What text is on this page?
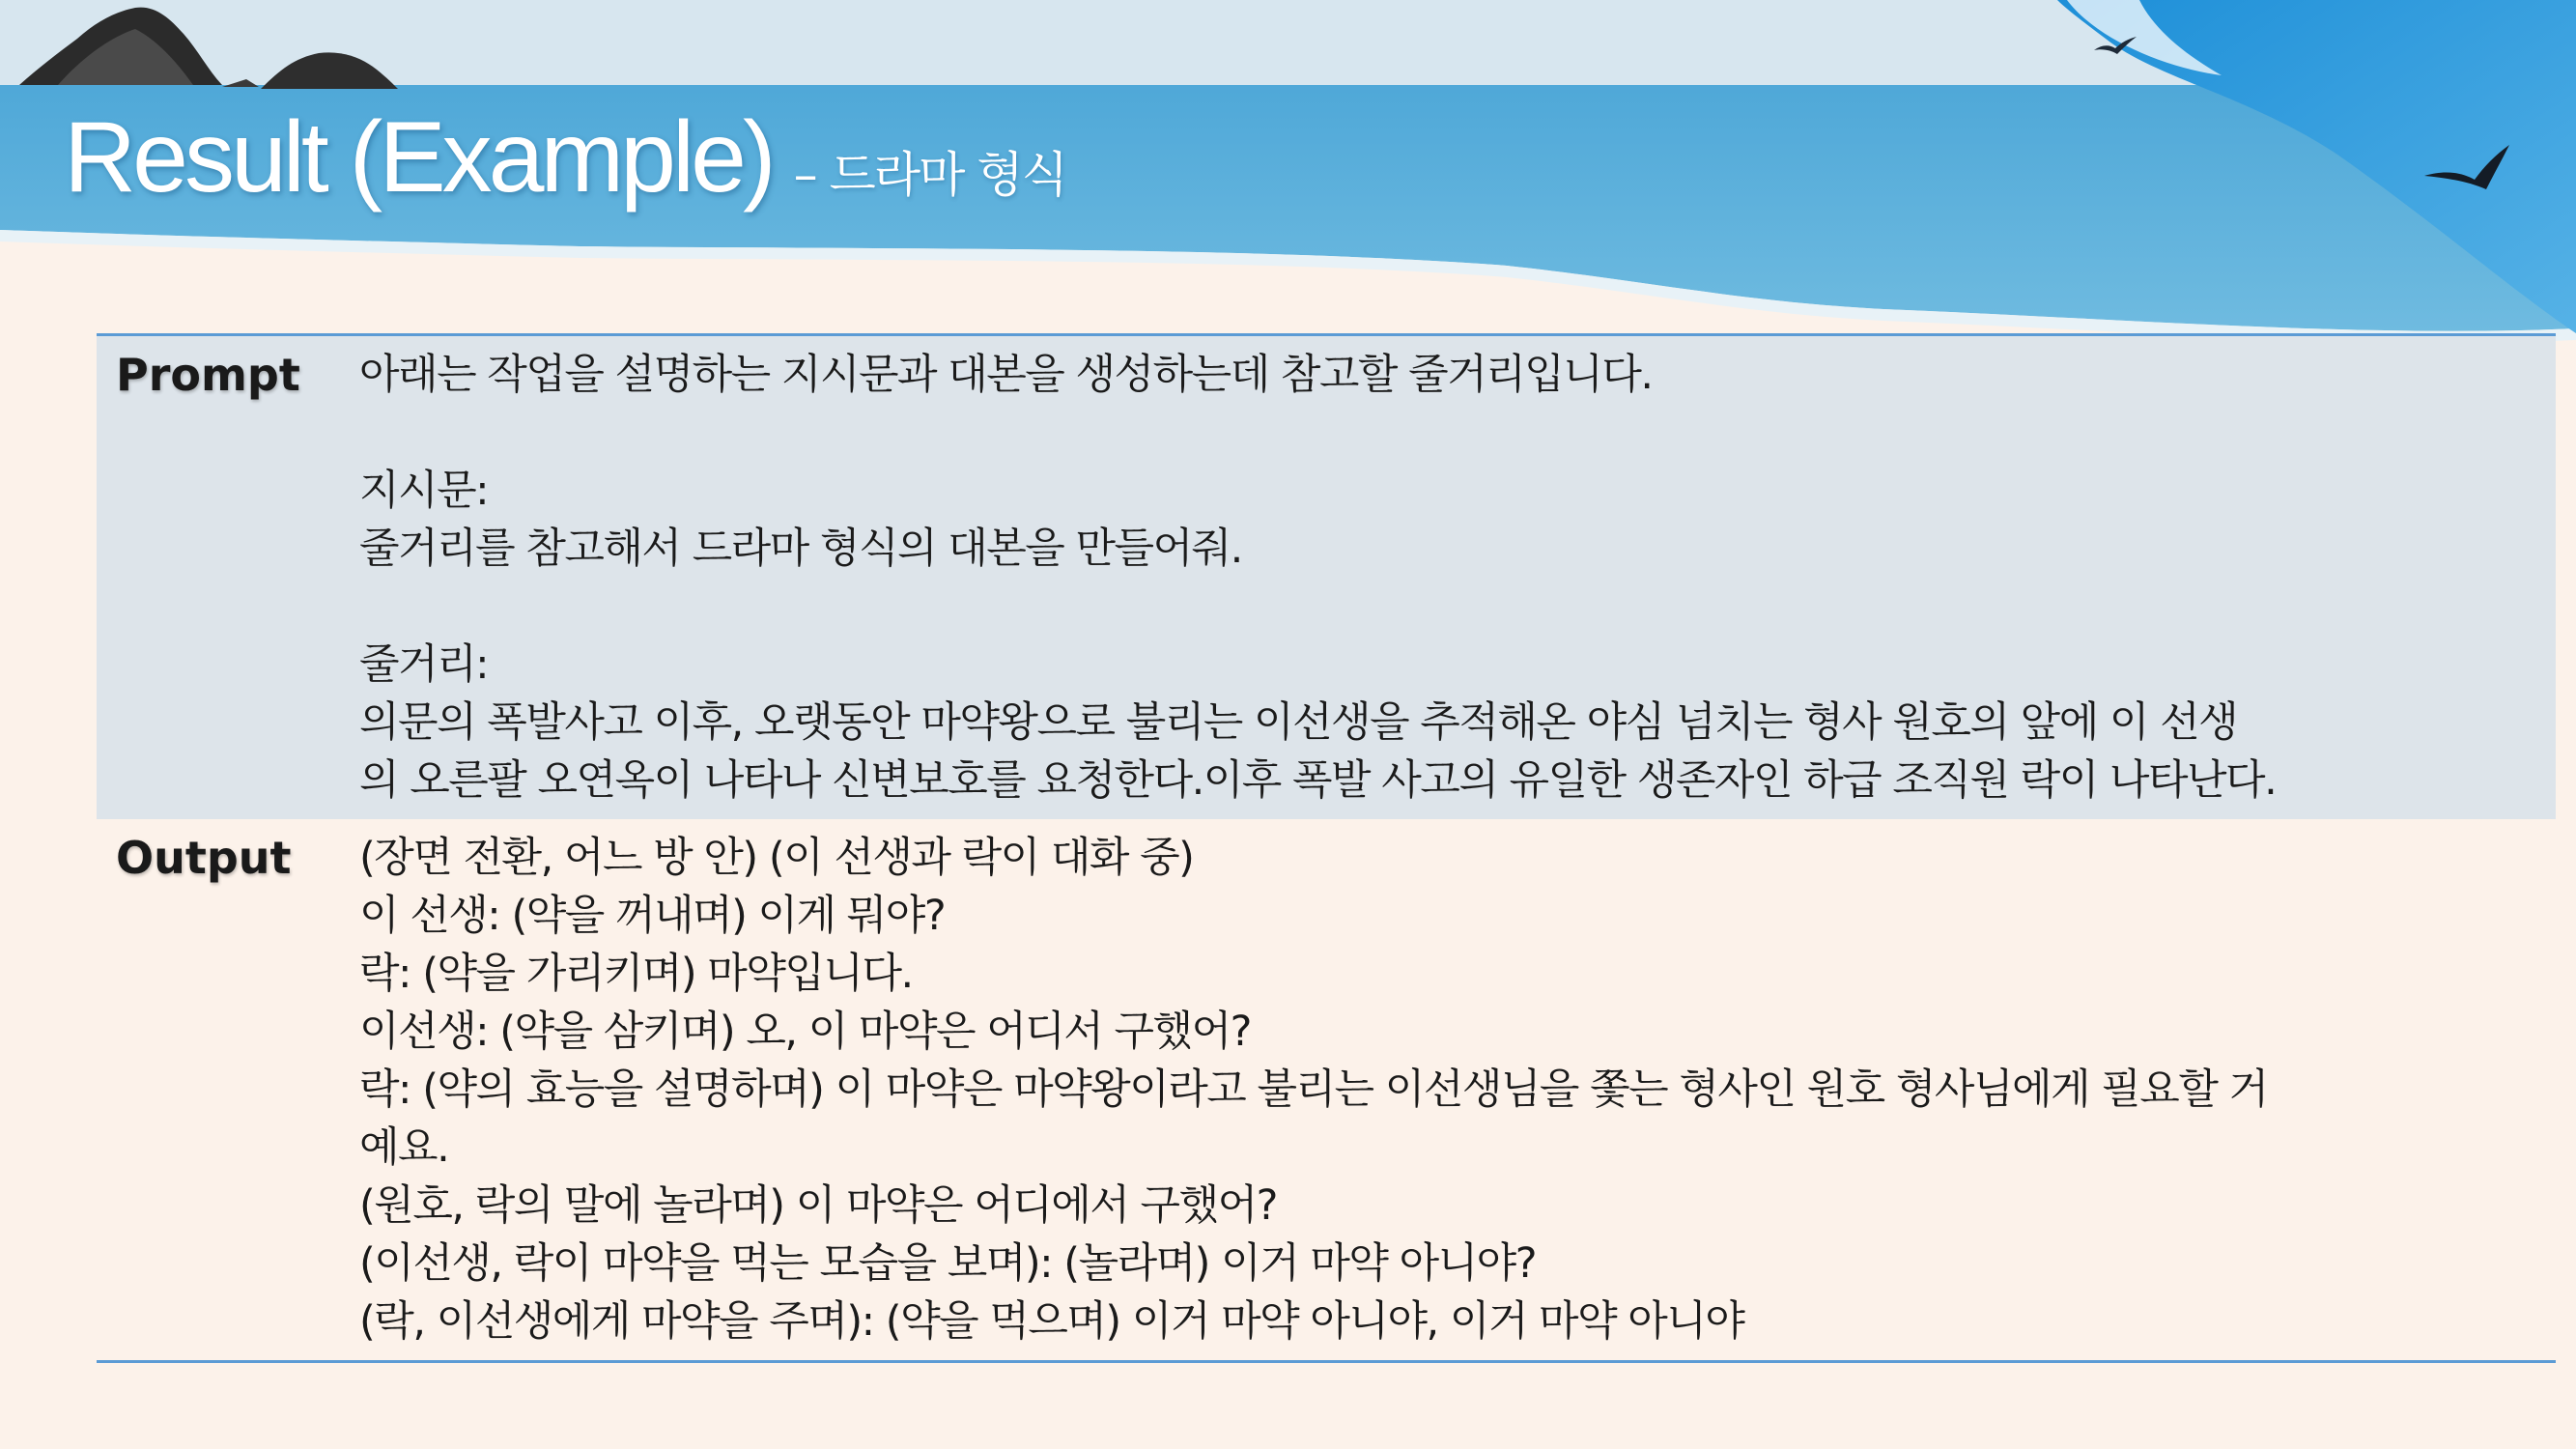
Result (Example) – 드라마 형식
Prompt	아래는 작업을 설명하는 지시문과 대본을 생성하는데 참고할 줄거리입니다.
지시문:
줄거리를 참고해서 드라마 형식의 대본을 만들어줘.
줄거리:
의문의 폭발사고 이후, 오랫동안 마약왕으로 불리는 이선생을 추적해온 야심 넘치는 형사 원호의 앞에 이 선생
의 오른팔 오연옥이 나타나 신변보호를 요청한다.이후 폭발 사고의 유일한 생존자인 하급 조직원 락이 나타난다.
Output	(장면 전환, 어느 방 안) (이 선생과 락이 대화 중)
이 선생: (약을 꺼내며) 이게 뭐야?
락: (약을 가리키며) 마약입니다.
이선생: (약을 삼키며) 오, 이 마약은 어디서 구했어?
락: (약의 효능을 설명하며) 이 마약은 마약왕이라고 불리는 이선생님을 쫓는 형사인 원호 형사님에게 필요할 거
예요.
(원호, 락의 말에 놀라며) 이 마약은 어디에서 구했어?
(이선생, 락이 마약을 먹는 모습을 보며): (놀라며) 이거 마약 아니야?
(락, 이선생에게 마약을 주며): (약을 먹으며) 이거 마약 아니야, 이거 마약 아니야
